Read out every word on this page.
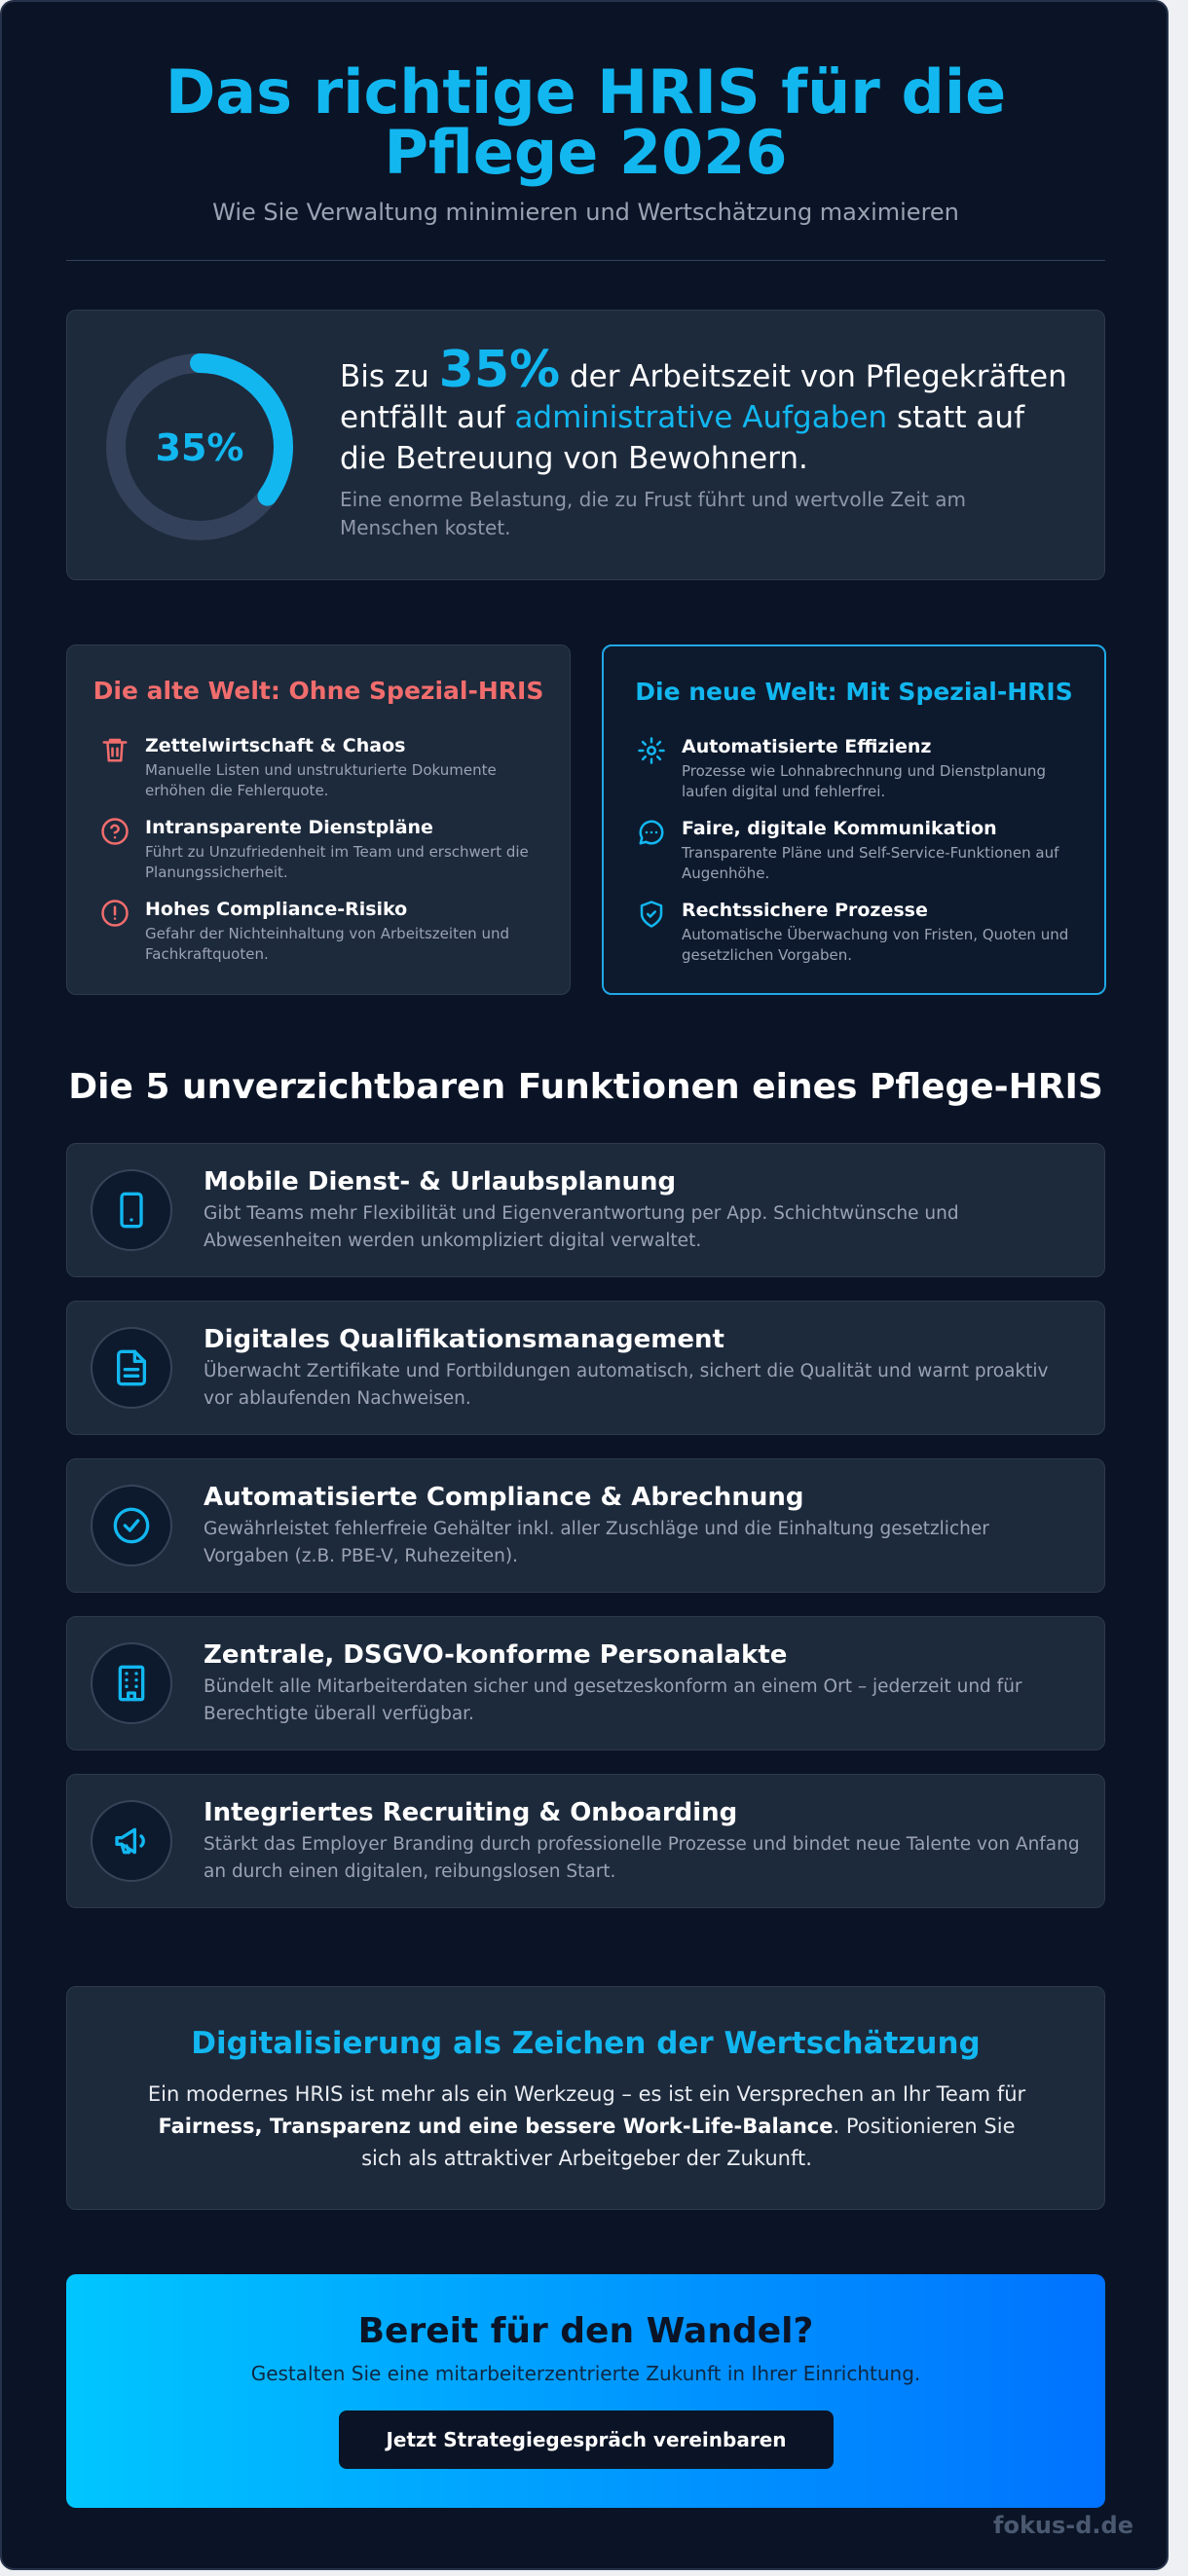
Das richtige HRIS für die
Pflege 2026
Wie Sie Verwaltung minimieren und Wertschätzung maximieren
35%
Bis zu 35% der Arbeitszeit von Pflegekräften entfällt auf administrative Aufgaben statt auf die Betreuung von Bewohnern.
Eine enorme Belastung, die zu Frust führt und wertvolle Zeit am Menschen kostet.
Die alte Welt: Ohne Spezial-HRIS
Zettelwirtschaft & Chaos
Manuelle Listen und unstrukturierte Dokumente erhöhen die Fehlerquote.
Intransparente Dienstpläne
Führt zu Unzufriedenheit im Team und erschwert die Planungssicherheit.
Hohes Compliance-Risiko
Gefahr der Nichteinhaltung von Arbeitszeiten und Fachkraftquoten.
Die neue Welt: Mit Spezial-HRIS
Automatisierte Effizienz
Prozesse wie Lohnabrechnung und Dienstplanung laufen digital und fehlerfrei.
Faire, digitale Kommunikation
Transparente Pläne und Self-Service-Funktionen auf Augenhöhe.
Rechtssichere Prozesse
Automatische Überwachung von Fristen, Quoten und gesetzlichen Vorgaben.
Die 5 unverzichtbaren Funktionen eines Pflege-HRIS
Mobile Dienst- & Urlaubsplanung
Gibt Teams mehr Flexibilität und Eigenverantwortung per App. Schichtwünsche und Abwesenheiten werden unkompliziert digital verwaltet.
Digitales Qualifikationsmanagement
Überwacht Zertifikate und Fortbildungen automatisch, sichert die Qualität und warnt proaktiv vor ablaufenden Nachweisen.
Automatisierte Compliance & Abrechnung
Gewährleistet fehlerfreie Gehälter inkl. aller Zuschläge und die Einhaltung gesetzlicher Vorgaben (z.B. PBE-V, Ruhezeiten).
Zentrale, DSGVO-konforme Personalakte
Bündelt alle Mitarbeiterdaten sicher und gesetzeskonform an einem Ort – jederzeit und für Berechtigte überall verfügbar.
Integriertes Recruiting & Onboarding
Stärkt das Employer Branding durch professionelle Prozesse und bindet neue Talente von Anfang an durch einen digitalen, reibungslosen Start.
Digitalisierung als Zeichen der Wertschätzung

Ein modernes HRIS ist mehr als ein Werkzeug – es ist ein Versprechen an Ihr Team für Fairness, Transparenz und eine bessere Work-Life-Balance. Positionieren Sie sich als attraktiver Arbeitgeber der Zukunft.

Bereit für den Wandel?

Gestalten Sie eine mitarbeiterzentrierte Zukunft in Ihrer Einrichtung.

Jetzt Strategiegespräch vereinbaren
fokus-d.de
